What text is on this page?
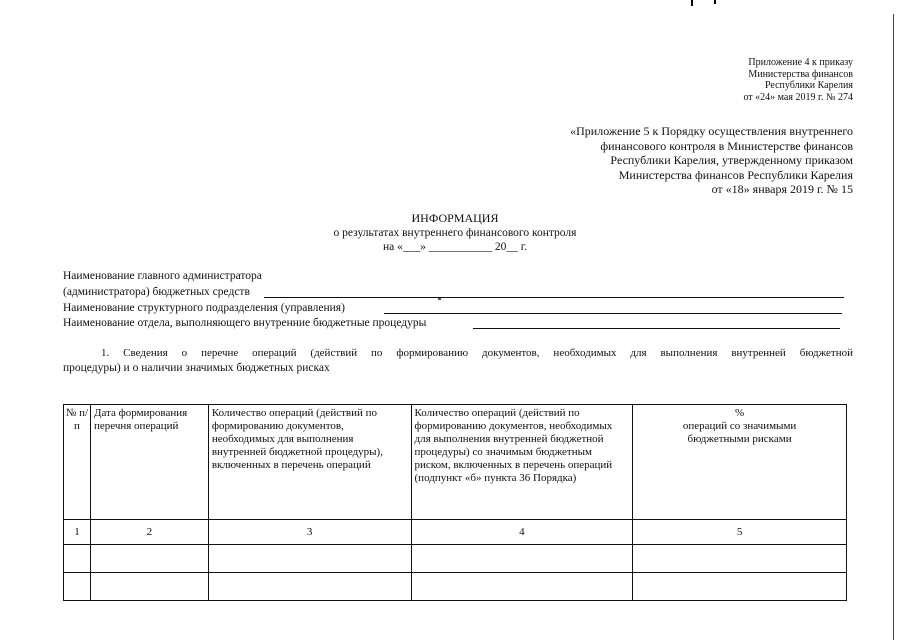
Приложение 4 к приказу
Министерства финансов
Республики Карелия
от «24» мая 2019 г. № 274
«Приложение 5 к Порядку осуществления внутреннего
финансового контроля в Министерстве финансов
Республики Карелия, утвержденному приказом
Министерства финансов Республики Карелия
от «18» января 2019 г. № 15
ИНФОРМАЦИЯ
о результатах внутреннего финансового контроля
на «___» ___________ 20__ г.
Наименование главного администратора
(администратора) бюджетных средств
Наименование структурного подразделения (управления)
Наименование отдела, выполняющего внутренние бюджетные процедуры
1. Сведения о перечне операций (действий по формированию документов, необходимых для выполнения внутренней бюджетной
процедуры) и о наличии значимых бюджетных рисках
№ п/п	Дата формирования перечня операций	Количество операций (действий по формированию документов, необходимых для выполнения внутренней бюджетной процедуры), включенных в перечень операций	Количество операций (действий по формированию документов, необходимых для выполнения внутренней бюджетной процедуры) со значимым бюджетным риском, включенных в перечень операций (подпункт «б» пункта 36 Порядка)	%
операций со значимыми бюджетными рисками

1	2	3	4	5
